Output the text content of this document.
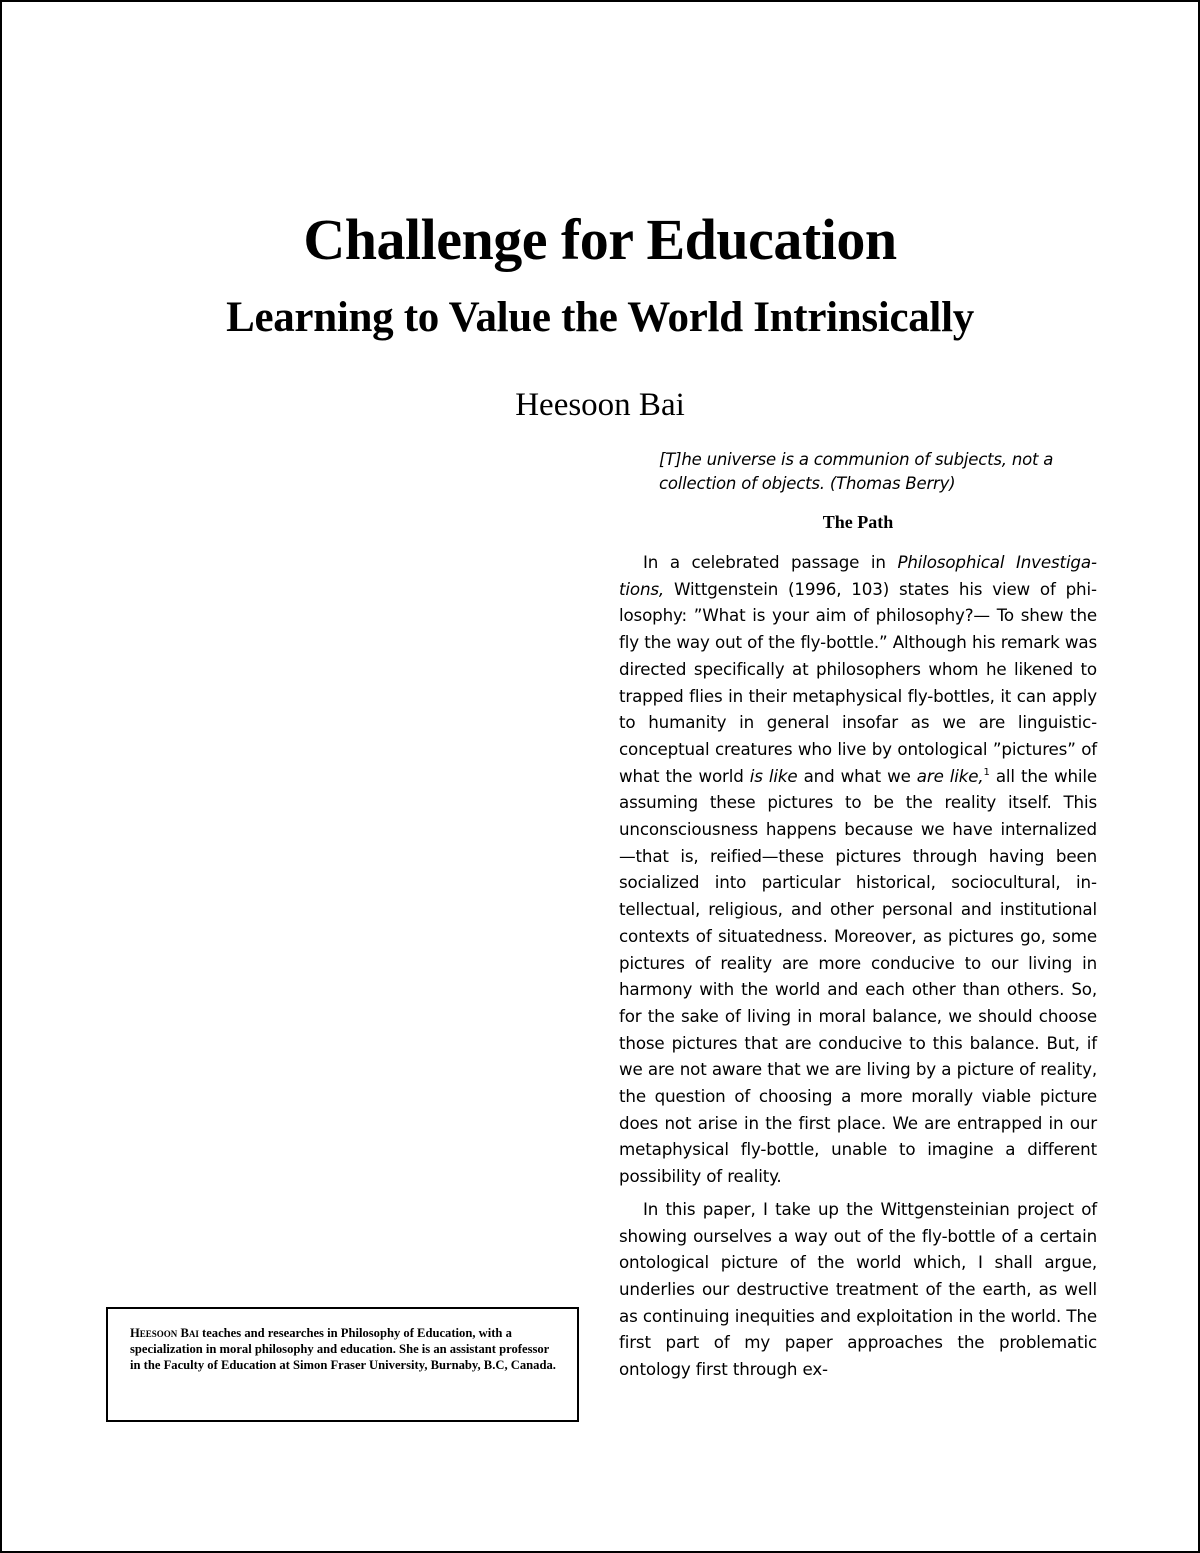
Challenge for Education
Learning to Value the World Intrinsically
Heesoon Bai
[T]he universe is a communion of subjects, not a collection of objects. (Thomas Berry)
The Path

In a celebrated passage in Philosophical Investigations, Wittgenstein (1996, 103) states his view of philosophy: ”What is your aim of philosophy?— To shew the fly the way out of the fly-bottle.” Although his remark was directed specifically at philosophers whom he likened to trapped flies in their metaphysical fly-bottles, it can apply to humanity in general insofar as we are linguistic-conceptual creatures who live by ontological ”pictures” of what the world is like and what we are like,$^1$ all the while assuming these pictures to be the reality itself. This unconsciousness happens because we have internalized—that is, reified—these pictures through having been socialized into particular historical, sociocultural, intellectual, religious, and other personal and institutional contexts of situatedness. Moreover, as pictures go, some pictures of reality are more conducive to our living in harmony with the world and each other than others. So, for the sake of living in moral balance, we should choose those pictures that are conducive to this balance. But, if we are not aware that we are living by a picture of reality, the question of choosing a more morally viable picture does not arise in the first place. We are entrapped in our metaphysical fly-bottle, unable to imagine a different possibility of reality.

In this paper, I take up the Wittgensteinian project of showing ourselves a way out of the fly-bottle of a certain ontological picture of the world which, I shall argue, underlies our destructive treatment of the earth, as well as continuing inequities and exploitation in the world. The first part of my paper approaches the problematic ontology first through ex-

Heesoon Bai teaches and researches in Philosophy of Education, with a specialization in moral philosophy and education. She is an assistant professor in the Faculty of Education at Simon Fraser University, Burnaby, B.C, Canada.
